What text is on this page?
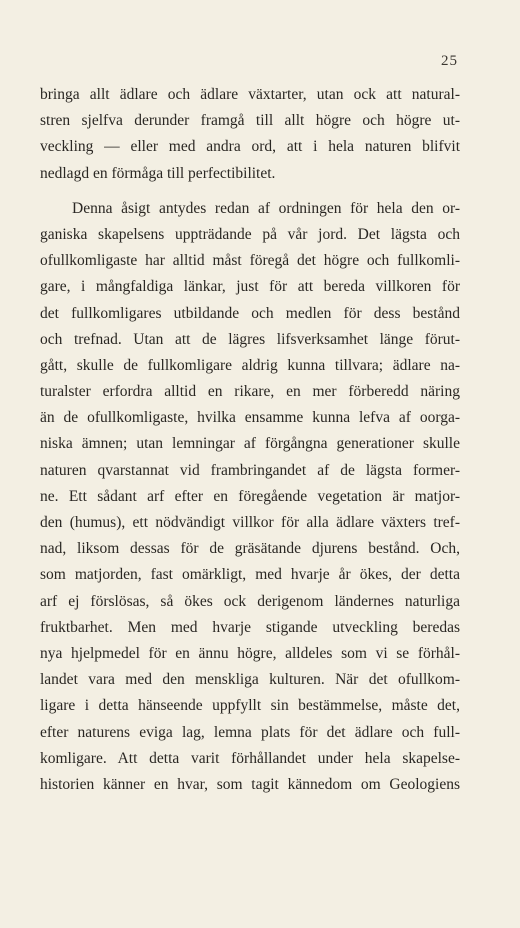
25
bringa allt ädlare och ädlare växtarter, utan ock att natural-
stren sjelfva derunder framgå till allt högre och högre ut-
veckling — eller med andra ord, att i hela naturen blifvit
nedlagd en förmåga till perfectibilitet.
Denna åsigt antydes redan af ordningen för hela den or-
ganiska skapelsens uppträdande på vår jord. Det lägsta och
ofullkomligaste har alltid måst föregå det högre och fullkomli-
gare, i mångfaldiga länkar, just för att bereda villkoren för
det fullkomligares utbildande och medlen för dess bestånd
och trefnad. Utan att de lägres lifsverksamhet länge förut-
gått, skulle de fullkomligare aldrig kunna tillvara; ädlare na-
turalster erfordra alltid en rikare, en mer förberedd näring
än de ofullkomligaste, hvilka ensamme kunna lefva af oorga-
niska ämnen; utan lemningar af förgångna generationer skulle
naturen qvarstannat vid frambringandet af de lägsta former-
ne. Ett sådant arf efter en föregående vegetation är matjor-
den (humus), ett nödvändigt villkor för alla ädlare växters tref-
nad, liksom dessas för de gräsätande djurens bestånd. Och,
som matjorden, fast omärkligt, med hvarje år ökes, der detta
arf ej förslösas, så ökes ock derigenom ländernes naturliga
fruktbarhet. Men med hvarje stigande utveckling beredas
nya hjelpmedel för en ännu högre, alldeles som vi se förhål-
landet vara med den menskliga kulturen. När det ofullkom-
ligare i detta hänseende uppfyllt sin bestämmelse, måste det,
efter naturens eviga lag, lemna plats för det ädlare och full-
komligare. Att detta varit förhållandet under hela skapelse-
historien känner en hvar, som tagit kännedom om Geologiens
